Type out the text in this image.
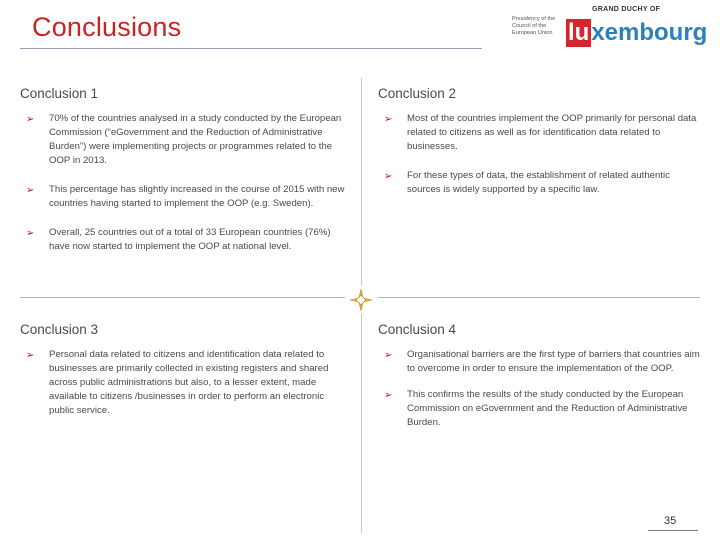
Conclusions
GRAND DUCHY OF
Presidency of the Council of the European Union luxembourg
Conclusion 1
➢ 70% of the countries analysed in a study conducted by the European Commission (“eGovernment and the Reduction of Administrative Burden”) were implementing projects or programmes related to the OOP in 2013.
➢ This percentage has slightly increased in the course of 2015 with new countries having started to implement the OOP (e.g. Sweden).
➢ Overall, 25 countries out of a total of 33 European countries (76%) have now started to implement the OOP at national level.
Conclusion 2
➢ Most of the countries implement the OOP primarily for personal data related to citizens as well as for identification data related to businesses.
➢ For these types of data, the establishment of related authentic sources is widely supported by a specific law.
Conclusion 3
➢ Personal data related to citizens and identification data related to businesses are primarily collected in existing registers and shared across public administrations but also, to a lesser extent, made available to citizens /businesses in order to perform an electronic public service.
Conclusion 4
➢ Organisational barriers are the first type of barriers that countries aim to overcome in order to ensure the implementation of the OOP.
➢ This confirms the results of the study conducted by the European Commission on eGovernment and the Reduction of Administrative Burden.
35
